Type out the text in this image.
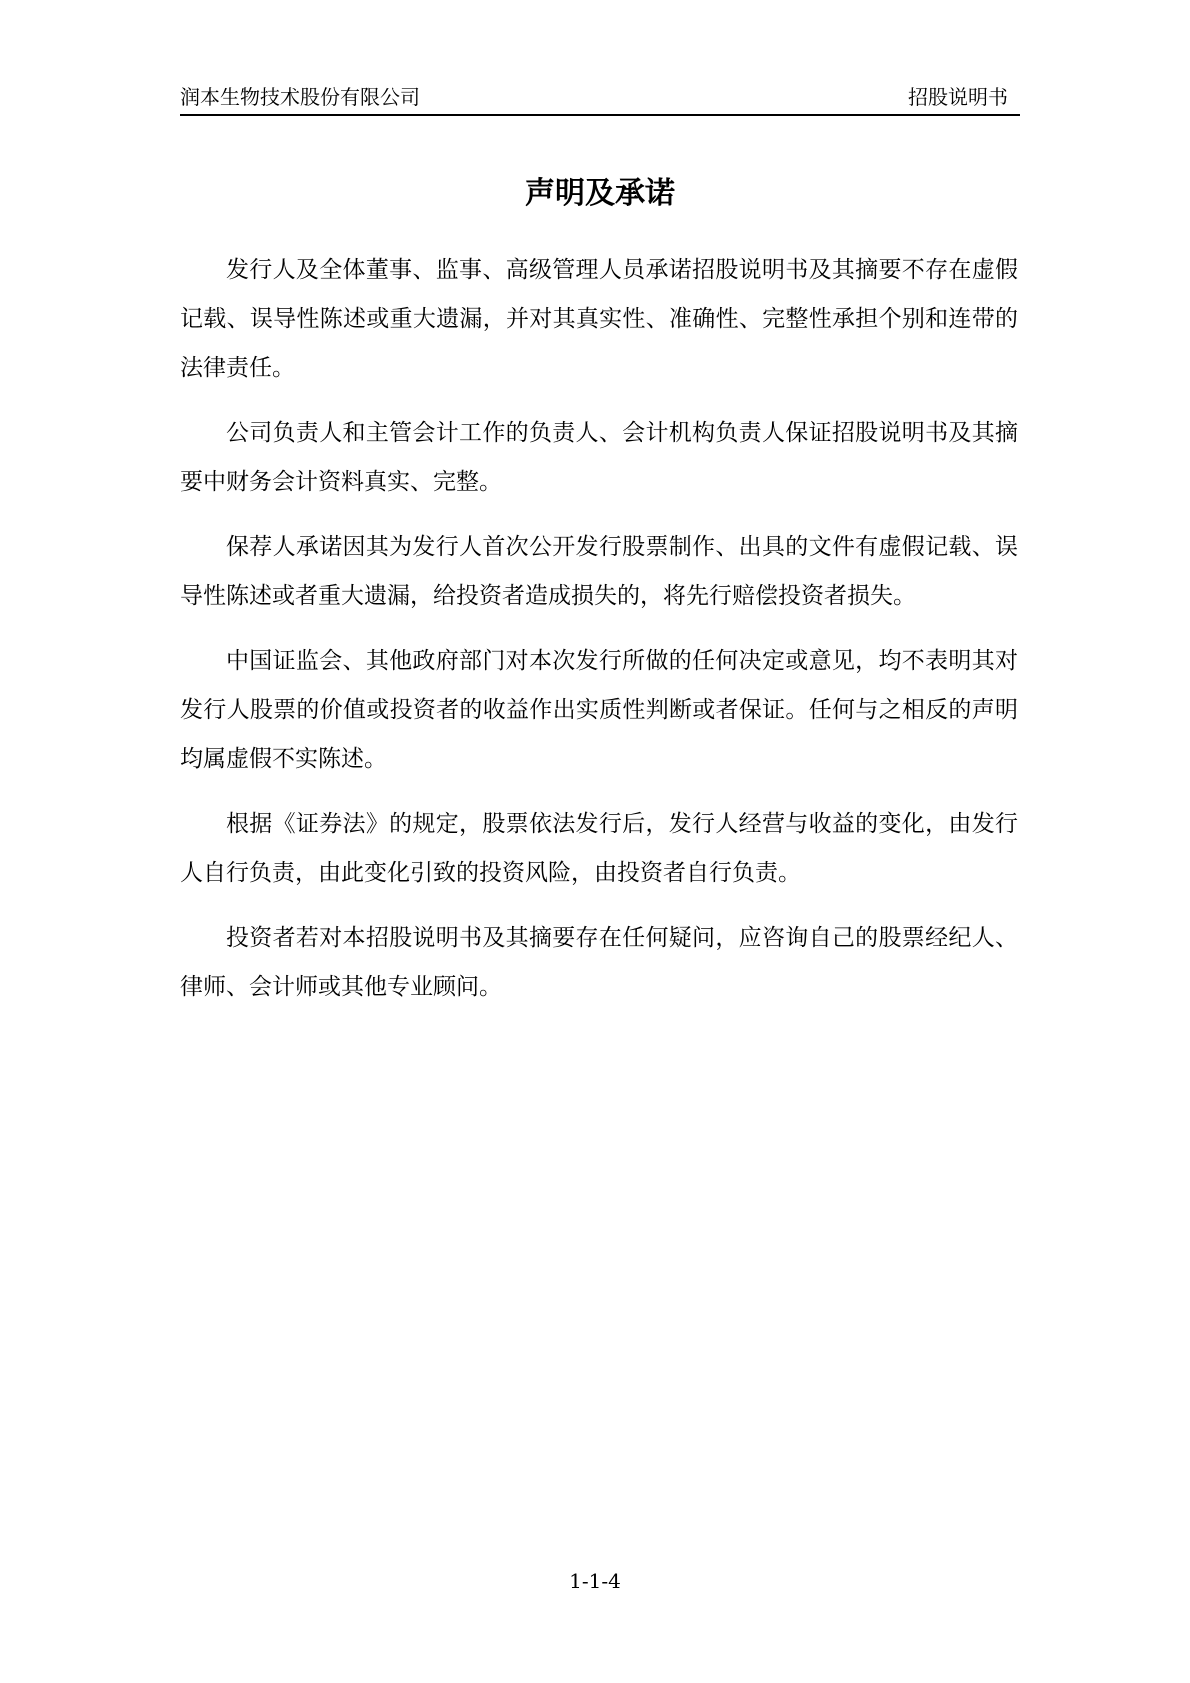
润本生物技术股份有限公司	招股说明书
声明及承诺

发行人及全体董事、监事、高级管理人员承诺招股说明书及其摘要不存在虚假记载、误导性陈述或重大遗漏，并对其真实性、准确性、完整性承担个别和连带的法律责任。

公司负责人和主管会计工作的负责人、会计机构负责人保证招股说明书及其摘要中财务会计资料真实、完整。

保荐人承诺因其为发行人首次公开发行股票制作、出具的文件有虚假记载、误导性陈述或者重大遗漏，给投资者造成损失的，将先行赔偿投资者损失。

中国证监会、其他政府部门对本次发行所做的任何决定或意见，均不表明其对发行人股票的价值或投资者的收益作出实质性判断或者保证。任何与之相反的声明均属虚假不实陈述。

根据《证券法》的规定，股票依法发行后，发行人经营与收益的变化，由发行人自行负责，由此变化引致的投资风险，由投资者自行负责。

投资者若对本招股说明书及其摘要存在任何疑问，应咨询自己的股票经纪人、律师、会计师或其他专业顾问。

1-1-4
